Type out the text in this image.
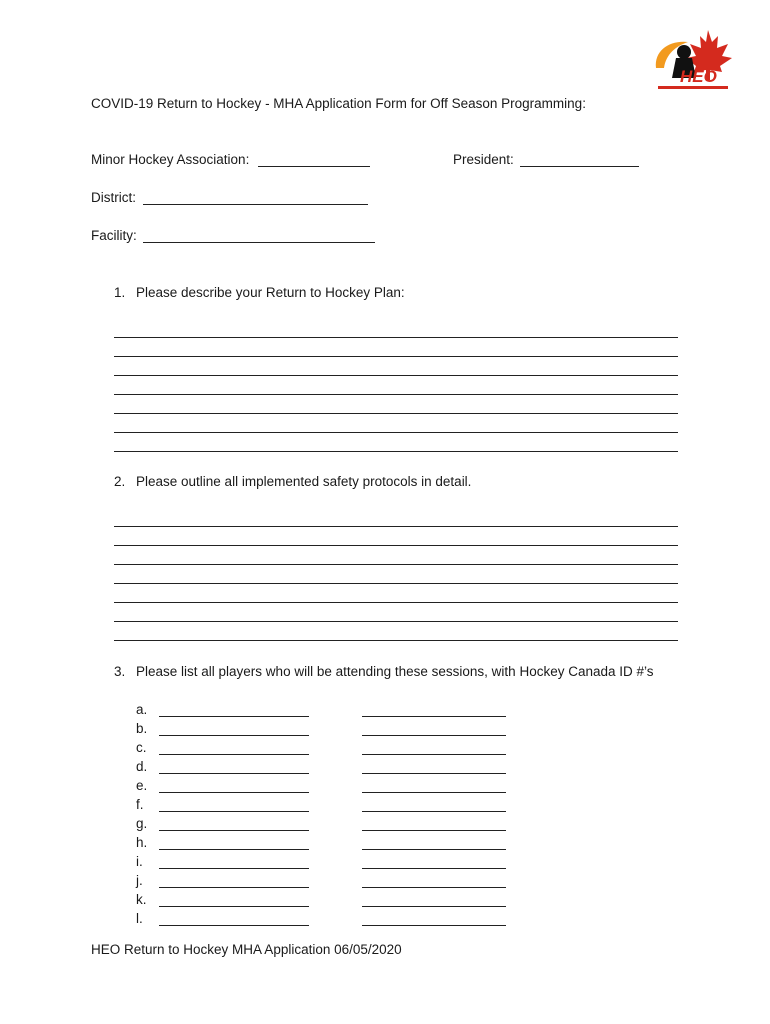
HEO
COVID-19 Return to Hockey - MHA Application Form for Off Season Programming:
Minor Hockey Association:	President:
District:
Facility:
1. Please describe your Return to Hockey Plan:
2. Please outline all implemented safety protocols in detail.
3. Please list all players who will be attending these sessions, with Hockey Canada ID #’s
a.
b.
c.
d.
e.
f.
g.
h.
i.
j.
k.
l.
HEO Return to Hockey MHA Application 06/05/2020
